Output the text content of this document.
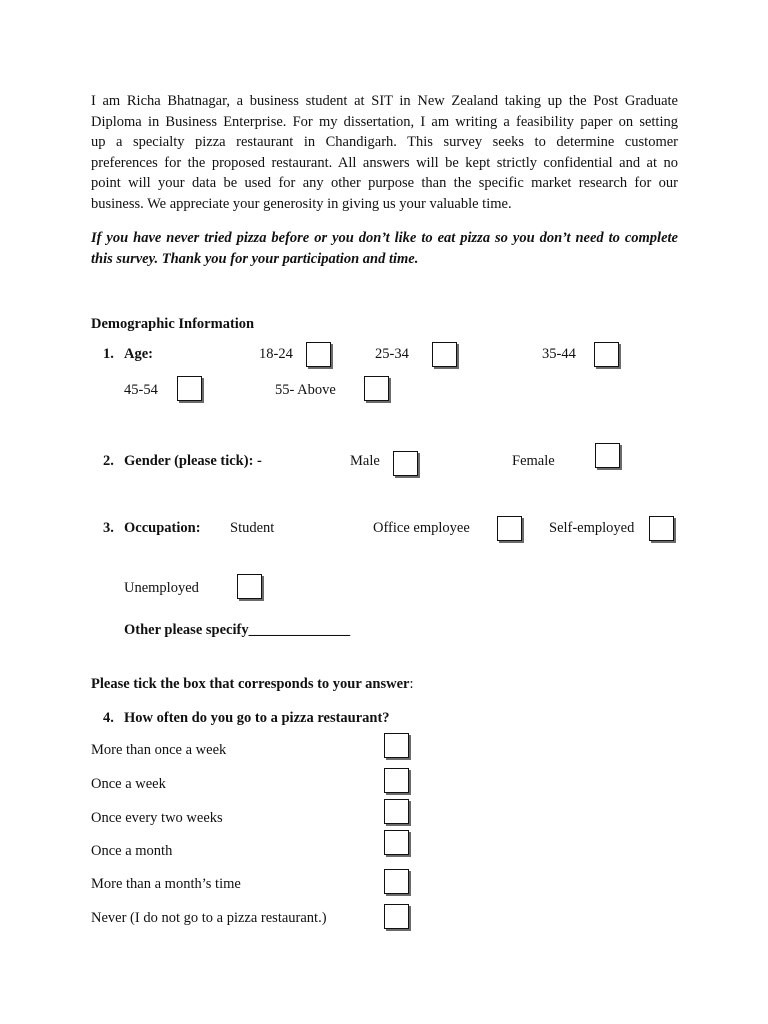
I am Richa Bhatnagar, a business student at SIT in New Zealand taking up the Post Graduate
Diploma in Business Enterprise. For my dissertation, I am writing a feasibility paper on setting
up a specialty pizza restaurant in Chandigarh. This survey seeks to determine customer
preferences for the proposed restaurant. All answers will be kept strictly confidential and at no
point will your data be used for any other purpose than the specific market research for our
business. We appreciate your generosity in giving us your valuable time.
If you have never tried pizza before or you don’t like to eat pizza so you don’t need to complete
this survey. Thank you for your participation and time.
Demographic Information
1. Age:	18-24	25-34	35-44
45-54	55- Above
2. Gender (please tick): -	Male	Female
3. Occupation: Student	Office employee	Self-employed
Unemployed
Other please specify______________
Please tick the box that corresponds to your answer:
4. How often do you go to a pizza restaurant?
More than once a week
Once a week
Once every two weeks
Once a month
More than a month’s time
Never (I do not go to a pizza restaurant.)
